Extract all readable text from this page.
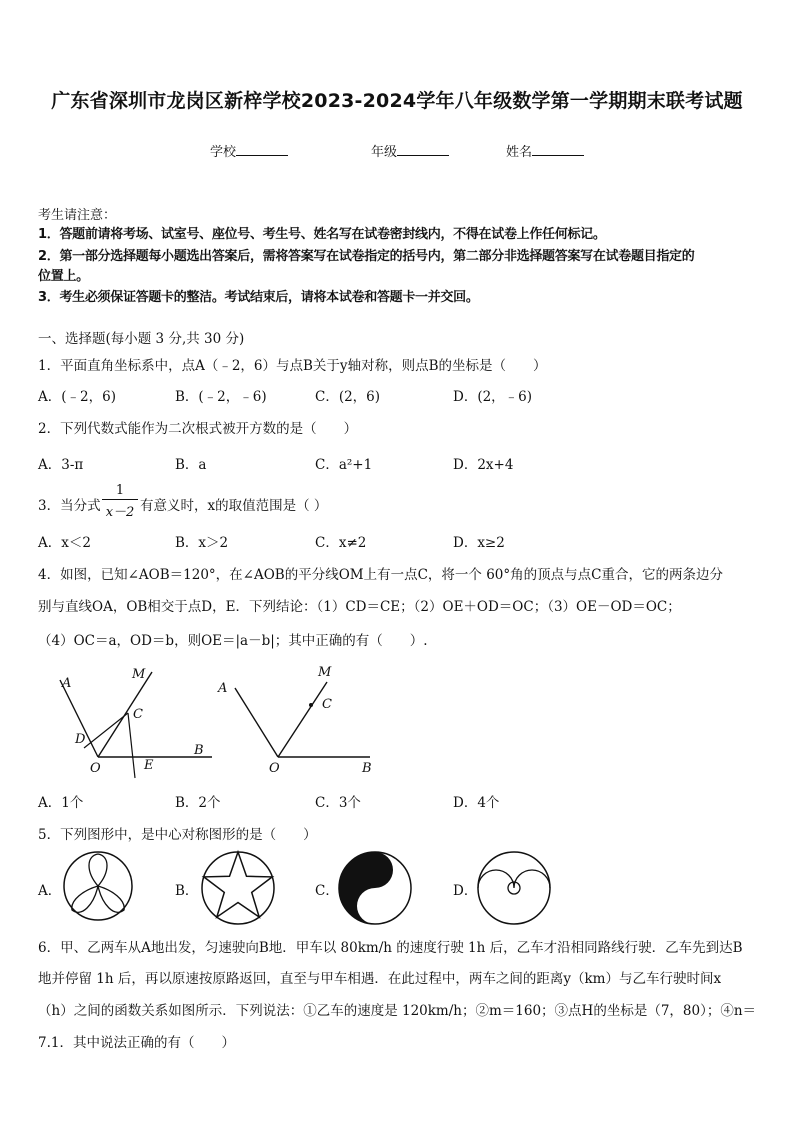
广东省深圳市龙岗区新梓学校2023-2024学年八年级数学第一学期期末联考试题
学校	年级	姓名
考生请注意：
1．答题前请将考场、试室号、座位号、考生号、姓名写在试卷密封线内，不得在试卷上作任何标记。
2．第一部分选择题每小题选出答案后，需将答案写在试卷指定的括号内，第二部分非选择题答案写在试卷题目指定的
位置上。
3．考生必须保证答题卡的整洁。考试结束后，请将本试卷和答题卡一并交回。
一、选择题(每小题 3 分,共 30 分)
1．平面直角坐标系中，点A（﹣2，6）与点B关于y轴对称，则点B的坐标是（　　）
A．(﹣2，6)	B．(﹣2，﹣6)	C．(2，6)	D．(2，﹣6)
2．下列代数式能作为二次根式被开方数的是（　　）
A．3-π	B．a	C．a²+1	D．2x+4
3．当分式
1
x－2 有意义时，x的取值范围是（ ）
A．x＜2	B．x＞2	C．x≠2	D．x≥2
4．如图，已知∠AOB＝120°，在∠AOB的平分线OM上有一点C，将一个 60°角的顶点与点C重合，它的两条边分
别与直线OA，OB相交于点D，E．下列结论：（1）CD＝CE；（2）OE＋OD＝OC；（3）OE－OD＝OC；
（4）OC＝a，OD＝b，则OE＝|a－b|；其中正确的有（　　）.
A
M
C
D
O	E
B
A
M
C
O	B
A．1个	B．2个	C．3个	D．4个
5．下列图形中，是中心对称图形的是（　　）
A．	B．	C．	D．
6．甲、乙两车从A地出发，匀速驶向B地．甲车以 80km/h 的速度行驶 1h 后，乙车才沿相同路线行驶．乙车先到达B
地并停留 1h 后，再以原速按原路返回，直至与甲车相遇．在此过程中，两车之间的距离y（km）与乙车行驶时间x
（h）之间的函数关系如图所示．下列说法：①乙车的速度是 120km/h；②m＝160；③点H的坐标是（7，80）；④n＝
7.1．其中说法正确的有（　　）
